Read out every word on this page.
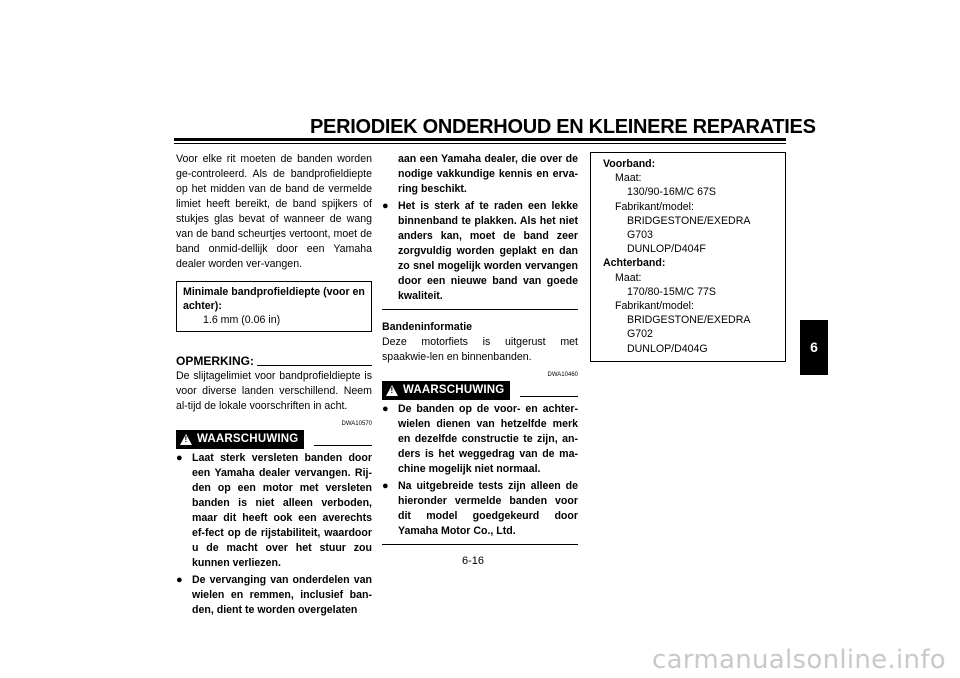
PERIODIEK ONDERHOUD EN KLEINERE REPARATIES

Voor elke rit moeten de banden worden ge-controleerd. Als de bandprofieldiepte op het midden van de band de vermelde limiet heeft bereikt, de band spijkers of stukjes glas bevat of wanneer de wang van de band scheurtjes vertoont, moet de band onmid-dellijk door een Yamaha dealer worden ver-vangen.

Minimale bandprofieldiepte (voor en achter):
1.6 mm (0.06 in)
OPMERKING:

De slijtagelimiet voor bandprofieldiepte is voor diverse landen verschillend. Neem al-tijd de lokale voorschriften in acht.

DWA10570
! WAARSCHUWING
● Laat sterk versleten banden door een Yamaha dealer vervangen. Rij-den op een motor met versleten banden is niet alleen verboden, maar dit heeft ook een averechts ef-fect op de rijstabiliteit, waardoor u de macht over het stuur zou kunnen verliezen.
● De vervanging van onderdelen van wielen en remmen, inclusief ban-den, dient te worden overgelaten
aan een Yamaha dealer, die over de nodige vakkundige kennis en erva-ring beschikt.
● Het is sterk af te raden een lekke binnenband te plakken. Als het niet anders kan, moet de band zeer zorgvuldig worden geplakt en dan zo snel mogelijk worden vervangen door een nieuwe band van goede kwaliteit.
Bandeninformatie

Deze motorfiets is uitgerust met spaakwie-len en binnenbanden.

DWA10460
! WAARSCHUWING
● De banden op de voor- en achter-wielen dienen van hetzelfde merk en dezelfde constructie te zijn, an-ders is het weggedrag van de ma-chine mogelijk niet normaal.
● Na uitgebreide tests zijn alleen de hieronder vermelde banden voor dit model goedgekeurd door Yamaha Motor Co., Ltd.
Voorband:
Maat:
130/90-16M/C 67S
Fabrikant/model:
BRIDGESTONE/EXEDRA G703
DUNLOP/D404F
Achterband:
Maat:
170/80-15M/C 77S
Fabrikant/model:
BRIDGESTONE/EXEDRA G702
DUNLOP/D404G	6
6-16
carmanualsonline.info
